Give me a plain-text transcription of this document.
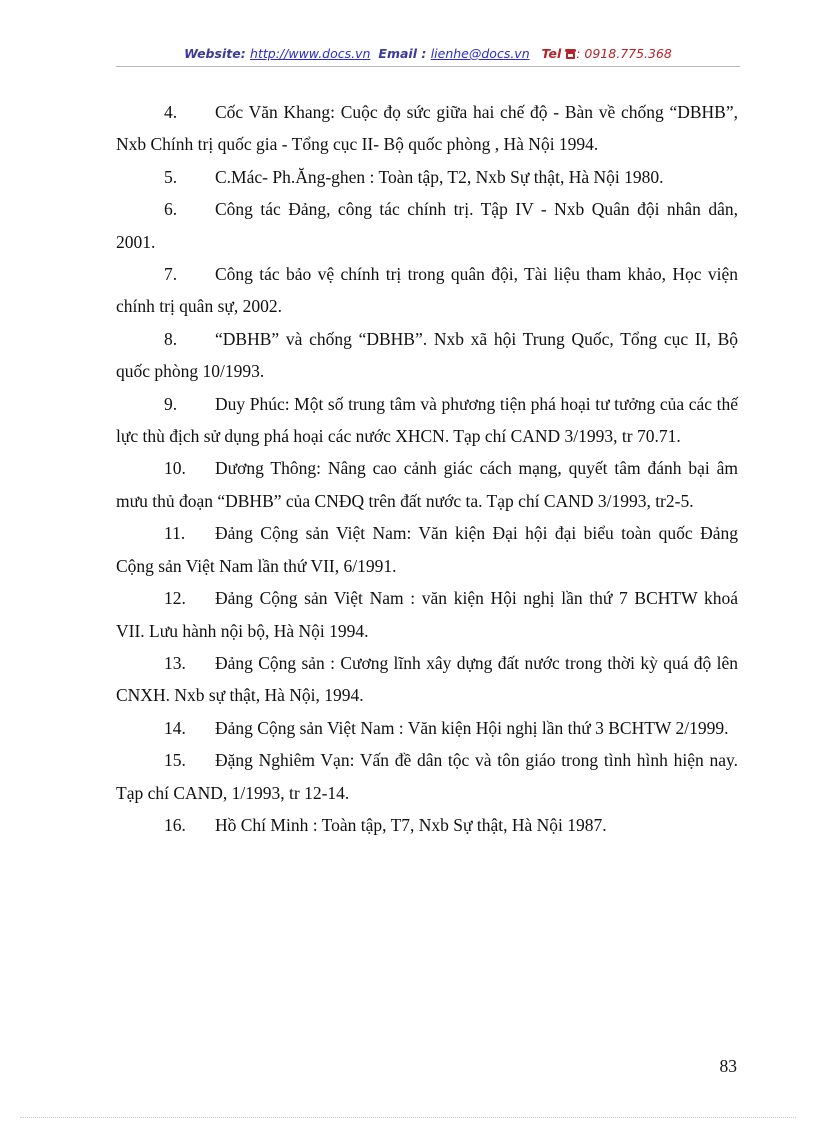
Website: http://www.docs.vn Email : lienhe@docs.vn Tel : 0918.775.368

4. Cốc Văn Khang: Cuộc đọ sức giữa hai chế độ - Bàn về chống “DBHB”, Nxb Chính trị quốc gia - Tổng cục II- Bộ quốc phòng , Hà Nội 1994.

5. C.Mác- Ph.Ăng-ghen : Toàn tập, T2, Nxb Sự thật, Hà Nội 1980.

6. Công tác Đảng, công tác chính trị. Tập IV - Nxb Quân đội nhân dân, 2001.

7. Công tác bảo vệ chính trị trong quân đội, Tài liệu tham khảo, Học viện chính trị quân sự, 2002.

8. “DBHB” và chống “DBHB”. Nxb xã hội Trung Quốc, Tổng cục II, Bộ quốc phòng 10/1993.

9. Duy Phúc: Một số trung tâm và phương tiện phá hoại tư tưởng của các thế lực thù địch sử dụng phá hoại các nước XHCN. Tạp chí CAND 3/1993, tr 70.71.

10. Dương Thông: Nâng cao cảnh giác cách mạng, quyết tâm đánh bại âm mưu thủ đoạn “DBHB” của CNĐQ trên đất nước ta. Tạp chí CAND 3/1993, tr2-5.

11. Đảng Cộng sản Việt Nam: Văn kiện Đại hội đại biểu toàn quốc Đảng Cộng sản Việt Nam lần thứ VII, 6/1991.

12. Đảng Cộng sản Việt Nam : văn kiện Hội nghị lần thứ 7 BCHTW khoá VII. Lưu hành nội bộ, Hà Nội 1994.

13. Đảng Cộng sản : Cương lĩnh xây dựng đất nước trong thời kỳ quá độ lên CNXH. Nxb sự thật, Hà Nội, 1994.

14. Đảng Cộng sản Việt Nam : Văn kiện Hội nghị lần thứ 3 BCHTW 2/1999.

15. Đặng Nghiêm Vạn: Vấn đề dân tộc và tôn giáo trong tình hình hiện nay. Tạp chí CAND, 1/1993, tr 12-14.

16. Hồ Chí Minh : Toàn tập, T7, Nxb Sự thật, Hà Nội 1987.

83
